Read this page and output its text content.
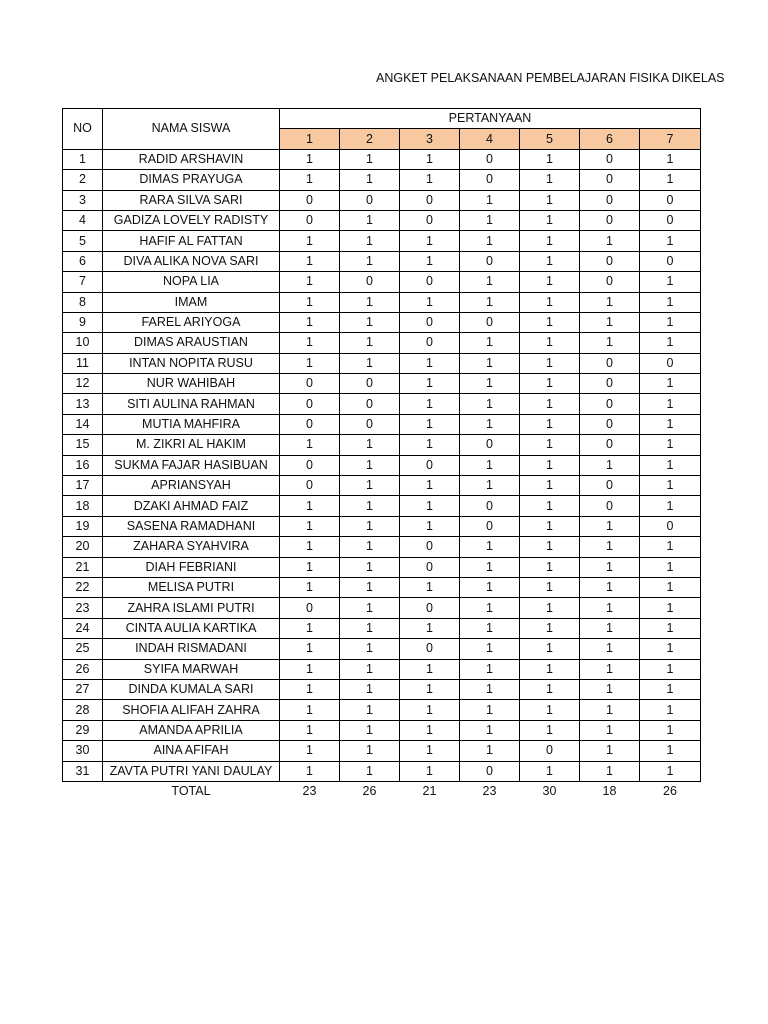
ANGKET PELAKSANAAN PEMBELAJARAN FISIKA DIKELAS
NO	NAMA SISWA	PERTANYAAN						
		1	2	3	4	5	6	7
1	RADID ARSHAVIN	1	1	1	0	1	0	1
2	DIMAS PRAYUGA	1	1	1	0	1	0	1
3	RARA SILVA SARI	0	0	0	1	1	0	0
4	GADIZA LOVELY RADISTY	0	1	0	1	1	0	0
5	HAFIF AL FATTAN	1	1	1	1	1	1	1
6	DIVA ALIKA NOVA SARI	1	1	1	0	1	0	0
7	NOPA LIA	1	0	0	1	1	0	1
8	IMAM	1	1	1	1	1	1	1
9	FAREL ARIYOGA	1	1	0	0	1	1	1
10	DIMAS ARAUSTIAN	1	1	0	1	1	1	1
11	INTAN NOPITA RUSU	1	1	1	1	1	0	0
12	NUR WAHIBAH	0	0	1	1	1	0	1
13	SITI AULINA RAHMAN	0	0	1	1	1	0	1
14	MUTIA MAHFIRA	0	0	1	1	1	0	1
15	M. ZIKRI AL HAKIM	1	1	1	0	1	0	1
16	SUKMA FAJAR HASIBUAN	0	1	0	1	1	1	1
17	APRIANSYAH	0	1	1	1	1	0	1
18	DZAKI AHMAD FAIZ	1	1	1	0	1	0	1
19	SASENA RAMADHANI	1	1	1	0	1	1	0
20	ZAHARA SYAHVIRA	1	1	0	1	1	1	1
21	DIAH FEBRIANI	1	1	0	1	1	1	1
22	MELISA PUTRI	1	1	1	1	1	1	1
23	ZAHRA ISLAMI PUTRI	0	1	0	1	1	1	1
24	CINTA AULIA KARTIKA	1	1	1	1	1	1	1
25	INDAH RISMADANI	1	1	0	1	1	1	1
26	SYIFA MARWAH	1	1	1	1	1	1	1
27	DINDA KUMALA SARI	1	1	1	1	1	1	1
28	SHOFIA ALIFAH ZAHRA	1	1	1	1	1	1	1
29	AMANDA APRILIA	1	1	1	1	1	1	1
30	AINA AFIFAH	1	1	1	1	0	1	1
31	ZAVTA PUTRI YANI DAULAY	1	1	1	0	1	1	1
	TOTAL	23	26	21	23	30	18	26
